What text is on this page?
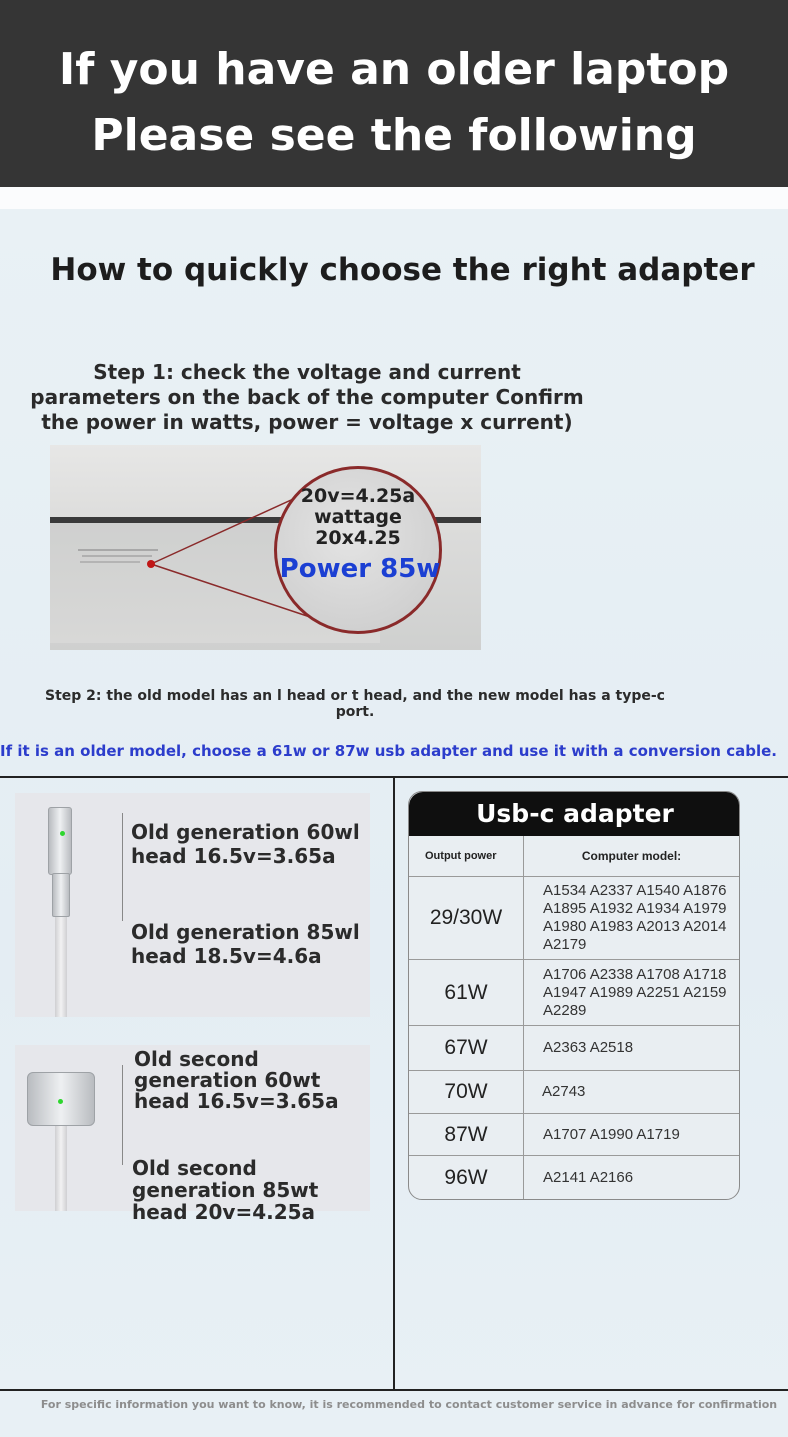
If you have an older laptop
Please see the following
How to quickly choose the right adapter
Step 1: check the voltage and current parameters on the back of the computer Confirm the power in watts, power = voltage x current)
20v=4.25a
wattage
20x4.25
Power 85w
Step 2: the old model has an l head or t head, and the new model has a type-c port.
If it is an older model, choose a 61w or 87w usb adapter and use it with a conversion cable.
Old generation 60wl head 16.5v=3.65a
Old generation 85wl head 18.5v=4.6a
Old second generation 60wt head 16.5v=3.65a
Old second generation 85wt head 20v=4.25a
Usb-c adapter
Output power	Computer model:
29/30W	A1534 A2337 A1540 A1876 A1895 A1932 A1934 A1979 A1980 A1983 A2013 A2014 A2179
61W	A1706 A2338 A1708 A1718 A1947 A1989 A2251 A2159 A2289
67W	A2363 A2518
70W	A2743
87W	A1707 A1990 A1719
96W	A2141 A2166
For specific information you want to know, it is recommended to contact customer service in advance for confirmation
